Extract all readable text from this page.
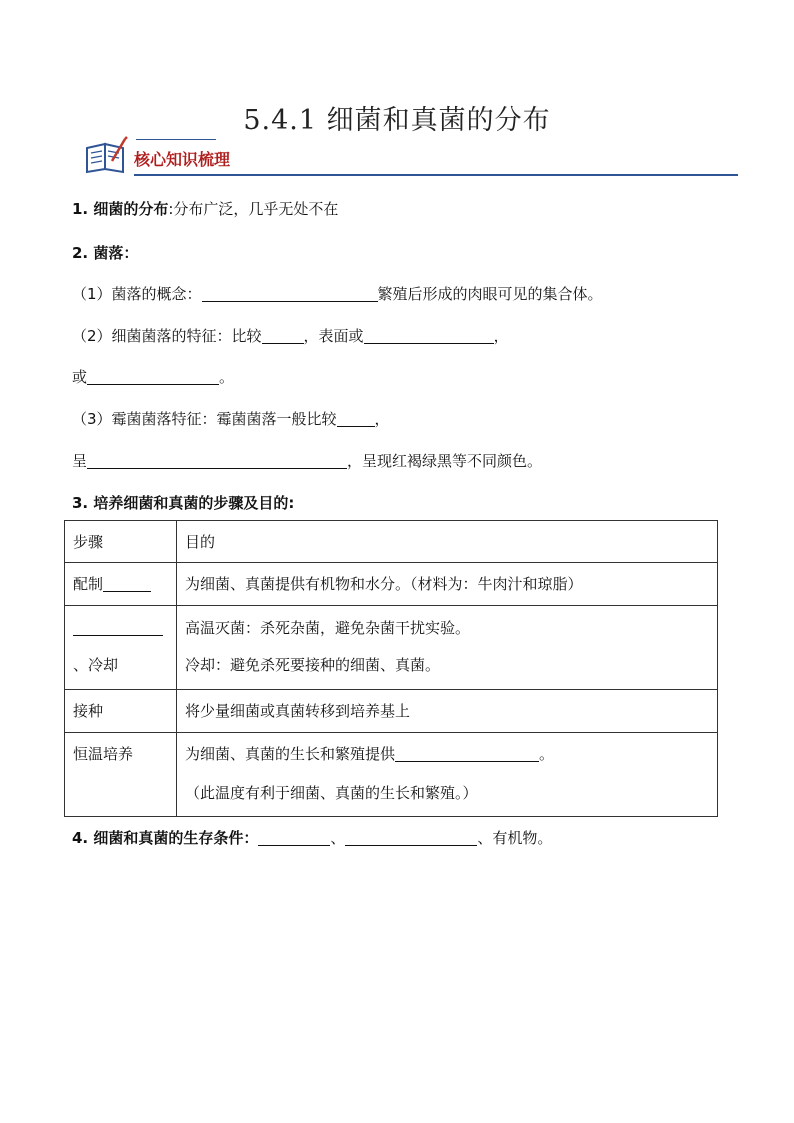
5.4.1 细菌和真菌的分布
核心知识梳理
1. 细菌的分布:分布广泛，几乎无处不在
2. 菌落：
（1）菌落的概念：	繁殖后形成的肉眼可见的集合体。
（2）细菌菌落的特征：比较	，表面或	，
或	。
（3）霉菌菌落特征：霉菌菌落一般比较	，
呈	，呈现红褐绿黑等不同颜色。
3. 培养细菌和真菌的步骤及目的:
步骤	目的

配制	为细菌、真菌提供有机物和水分。（材料为：牛肉汁和琼脂）

、冷却	高温灭菌：杀死杂菌，避免杂菌干扰实验。
冷却：避免杀死要接种的细菌、真菌。

接种	将少量细菌或真菌转移到培养基上

恒温培养	为细菌、真菌的生长和繁殖提供 。
（此温度有利于细菌、真菌的生长和繁殖。）
4. 细菌和真菌的生存条件：	、	、有机物。
